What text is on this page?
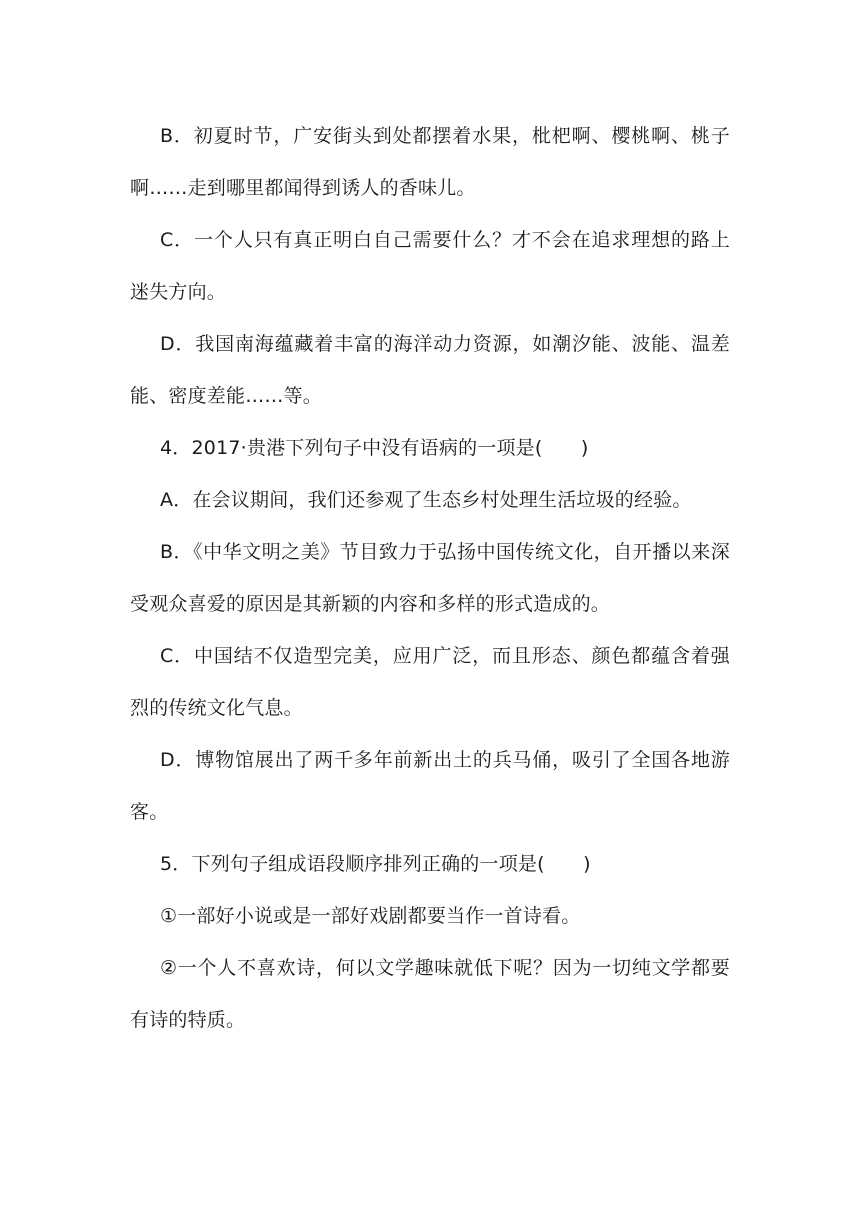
B．初夏时节，广安街头到处都摆着水果，枇杷啊、樱桃啊、桃子啊……走到哪里都闻得到诱人的香味儿。

C．一个人只有真正明白自己需要什么？才不会在追求理想的路上迷失方向。

D．我国南海蕴藏着丰富的海洋动力资源，如潮汐能、波能、温差能、密度差能……等。

4．2017·贵港下列句子中没有语病的一项是(　　)

A．在会议期间，我们还参观了生态乡村处理生活垃圾的经验。

B．《中华文明之美》节目致力于弘扬中国传统文化，自开播以来深受观众喜爱的原因是其新颖的内容和多样的形式造成的。

C．中国结不仅造型完美，应用广泛，而且形态、颜色都蕴含着强烈的传统文化气息。

D．博物馆展出了两千多年前新出土的兵马俑，吸引了全国各地游客。

5．下列句子组成语段顺序排列正确的一项是(　　)

①一部好小说或是一部好戏剧都要当作一首诗看。

②一个人不喜欢诗，何以文学趣味就低下呢？因为一切纯文学都要有诗的特质。
